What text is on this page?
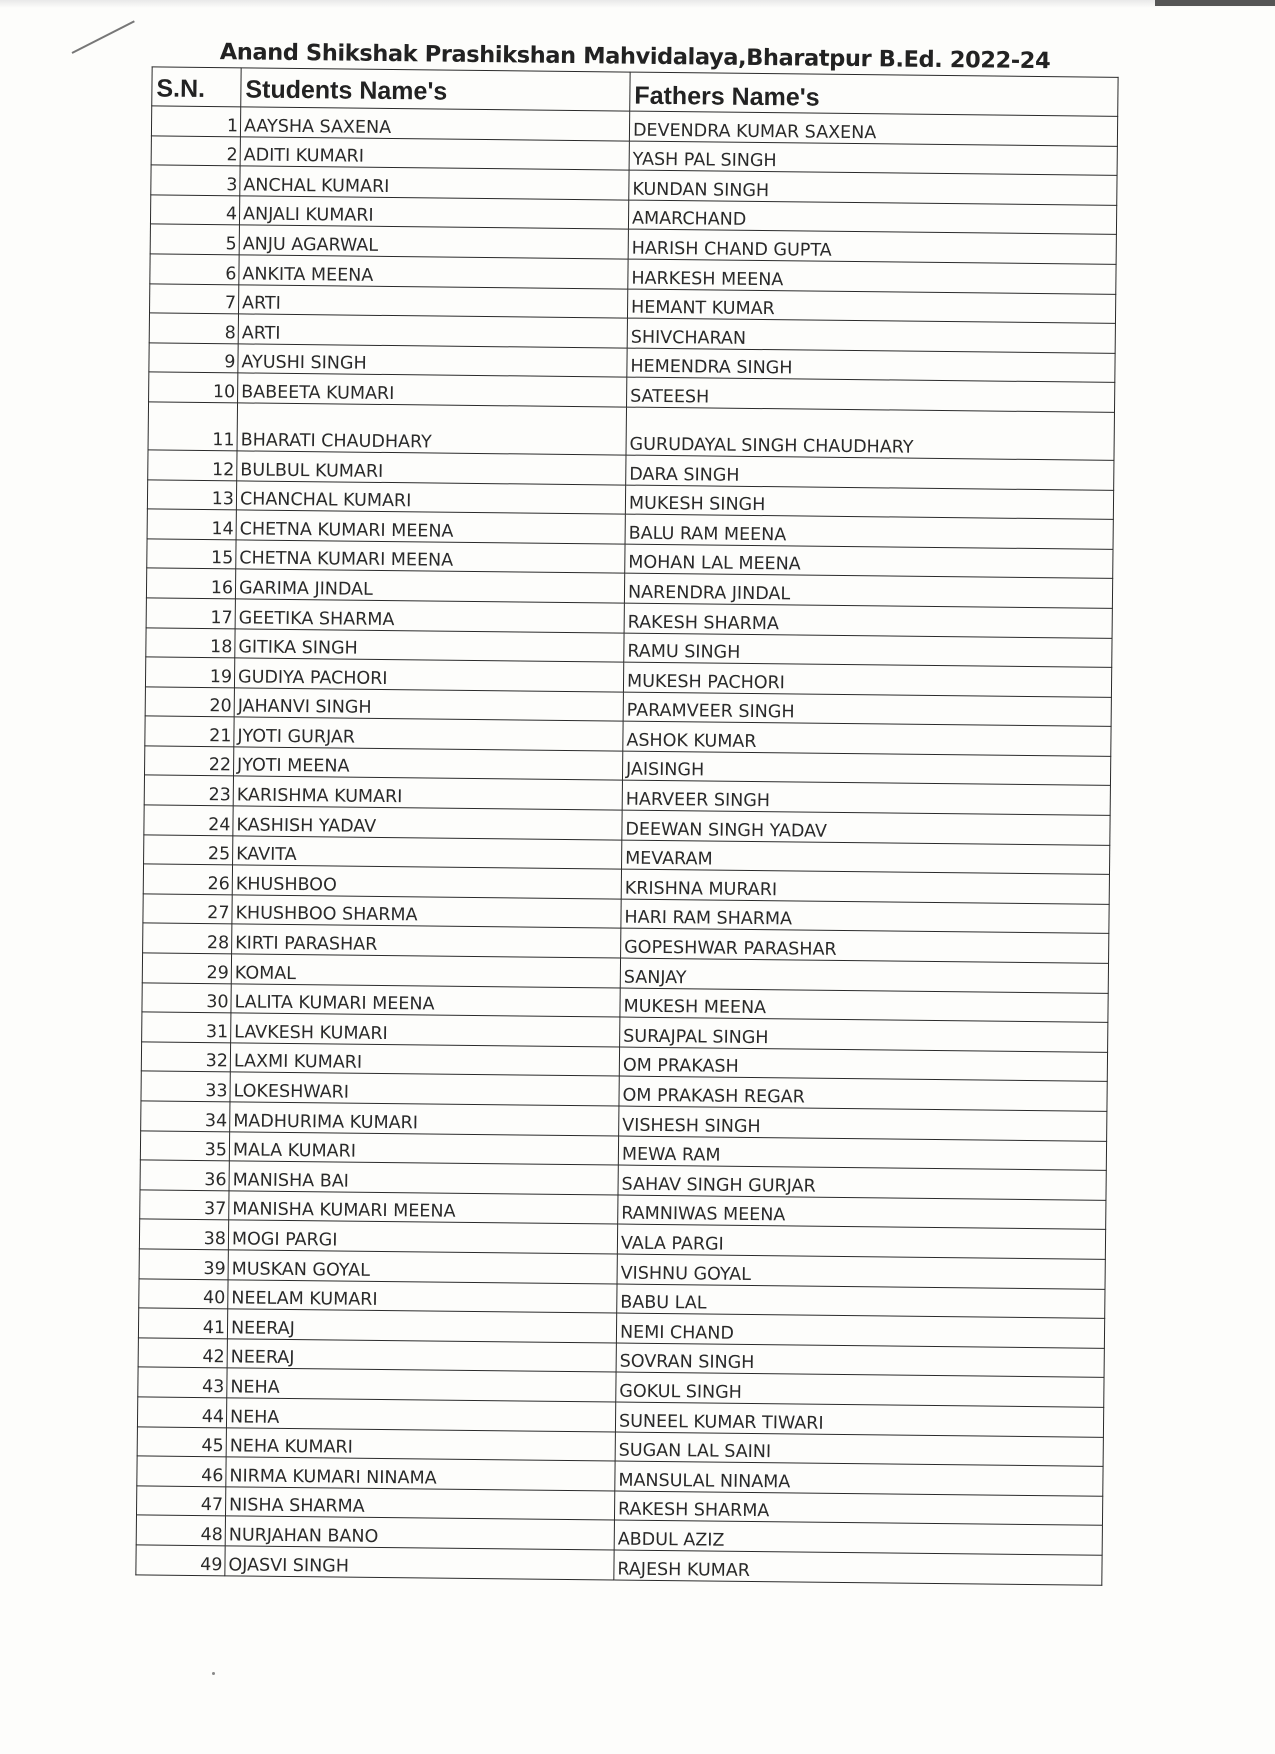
Anand Shikshak Prashikshan Mahvidalaya,Bharatpur B.Ed. 2022-24
S.N.	Students Name's	Fathers Name's
1	AAYSHA SAXENA	DEVENDRA KUMAR SAXENA
2	ADITI KUMARI	YASH PAL SINGH
3	ANCHAL KUMARI	KUNDAN SINGH
4	ANJALI KUMARI	AMARCHAND
5	ANJU AGARWAL	HARISH CHAND GUPTA
6	ANKITA MEENA	HARKESH MEENA
7	ARTI	HEMANT KUMAR
8	ARTI	SHIVCHARAN
9	AYUSHI SINGH	HEMENDRA SINGH
10	BABEETA KUMARI	SATEESH
11	BHARATI CHAUDHARY	GURUDAYAL SINGH CHAUDHARY
12	BULBUL KUMARI	DARA SINGH
13	CHANCHAL KUMARI	MUKESH SINGH
14	CHETNA KUMARI MEENA	BALU RAM MEENA
15	CHETNA KUMARI MEENA	MOHAN LAL MEENA
16	GARIMA JINDAL	NARENDRA JINDAL
17	GEETIKA SHARMA	RAKESH SHARMA
18	GITIKA SINGH	RAMU SINGH
19	GUDIYA PACHORI	MUKESH PACHORI
20	JAHANVI SINGH	PARAMVEER SINGH
21	JYOTI GURJAR	ASHOK KUMAR
22	JYOTI MEENA	JAISINGH
23	KARISHMA KUMARI	HARVEER SINGH
24	KASHISH YADAV	DEEWAN SINGH YADAV
25	KAVITA	MEVARAM
26	KHUSHBOO	KRISHNA MURARI
27	KHUSHBOO SHARMA	HARI RAM SHARMA
28	KIRTI PARASHAR	GOPESHWAR PARASHAR
29	KOMAL	SANJAY
30	LALITA KUMARI MEENA	MUKESH MEENA
31	LAVKESH KUMARI	SURAJPAL SINGH
32	LAXMI KUMARI	OM PRAKASH
33	LOKESHWARI	OM PRAKASH REGAR
34	MADHURIMA KUMARI	VISHESH SINGH
35	MALA KUMARI	MEWA RAM
36	MANISHA BAI	SAHAV SINGH GURJAR
37	MANISHA KUMARI MEENA	RAMNIWAS MEENA
38	MOGI PARGI	VALA PARGI
39	MUSKAN GOYAL	VISHNU GOYAL
40	NEELAM KUMARI	BABU LAL
41	NEERAJ	NEMI CHAND
42	NEERAJ	SOVRAN SINGH
43	NEHA	GOKUL SINGH
44	NEHA	SUNEEL KUMAR TIWARI
45	NEHA KUMARI	SUGAN LAL SAINI
46	NIRMA KUMARI NINAMA	MANSULAL NINAMA
47	NISHA SHARMA	RAKESH SHARMA
48	NURJAHAN BANO	ABDUL AZIZ
49	OJASVI SINGH	RAJESH KUMAR
